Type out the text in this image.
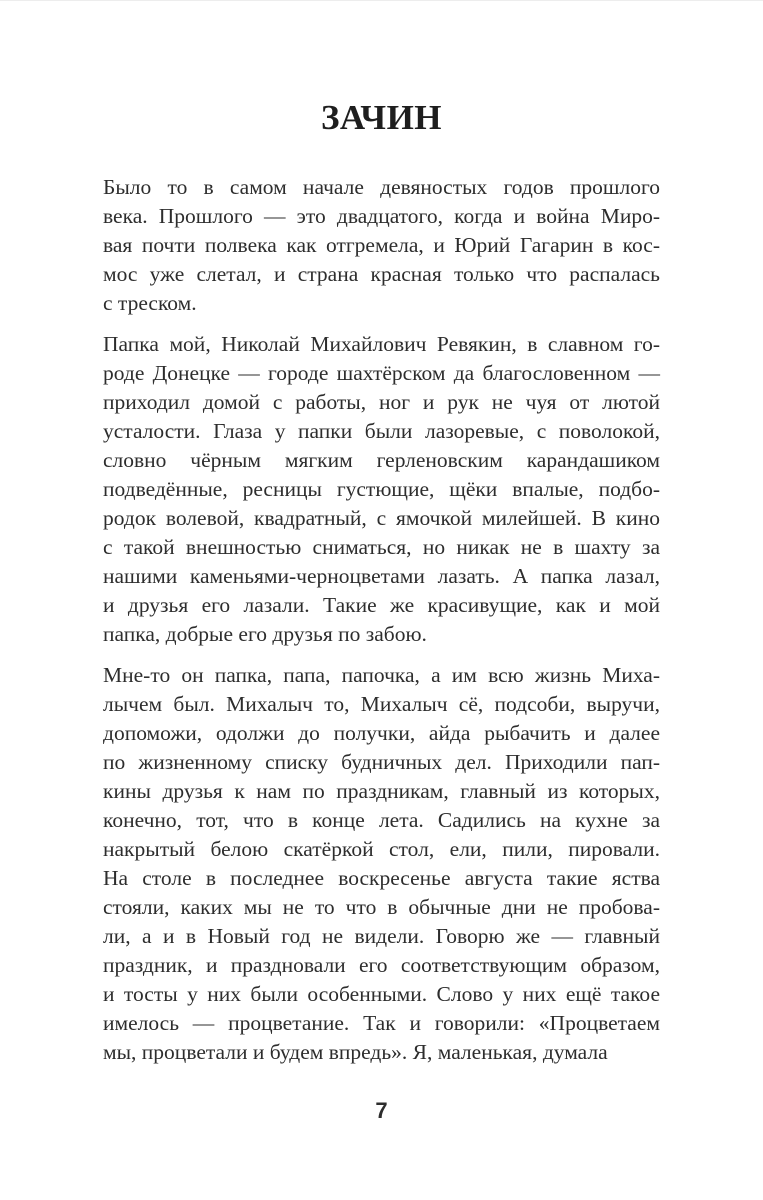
ЗАЧИН
Было то в самом начале девяностых годов прошлого
века. Прошлого — это двадцатого, когда и война Миро-
вая почти полвека как отгремела, и Юрий Гагарин в кос-
мос уже слетал, и страна красная только что распалась
с треском.
Папка мой, Николай Михайлович Ревякин, в славном го-
роде Донецке — городе шахтёрском да благословенном —
приходил домой с работы, ног и рук не чуя от лютой
усталости. Глаза у папки были лазоревые, с поволокой,
словно чёрным мягким герленовским карандашиком
подведённые, ресницы густющие, щёки впалые, подбо-
родок волевой, квадратный, с ямочкой милейшей. В кино
с такой внешностью сниматься, но никак не в шахту за
нашими каменьями-черноцветами лазать. А папка лазал,
и друзья его лазали. Такие же красивущие, как и мой
папка, добрые его друзья по забою.
Мне-то он папка, папа, папочка, а им всю жизнь Миха-
лычем был. Михалыч то, Михалыч сё, подсоби, выручи,
допоможи, одолжи до получки, айда рыбачить и далее
по жизненному списку будничных дел. Приходили пап-
кины друзья к нам по праздникам, главный из которых,
конечно, тот, что в конце лета. Садились на кухне за
накрытый белою скатёркой стол, ели, пили, пировали.
На столе в последнее воскресенье августа такие яства
стояли, каких мы не то что в обычные дни не пробова-
ли, а и в Новый год не видели. Говорю же — главный
праздник, и праздновали его соответствующим образом,
и тосты у них были особенными. Слово у них ещё такое
имелось — процветание. Так и говорили: «Процветаем
мы, процветали и будем впредь». Я, маленькая, думала
7
